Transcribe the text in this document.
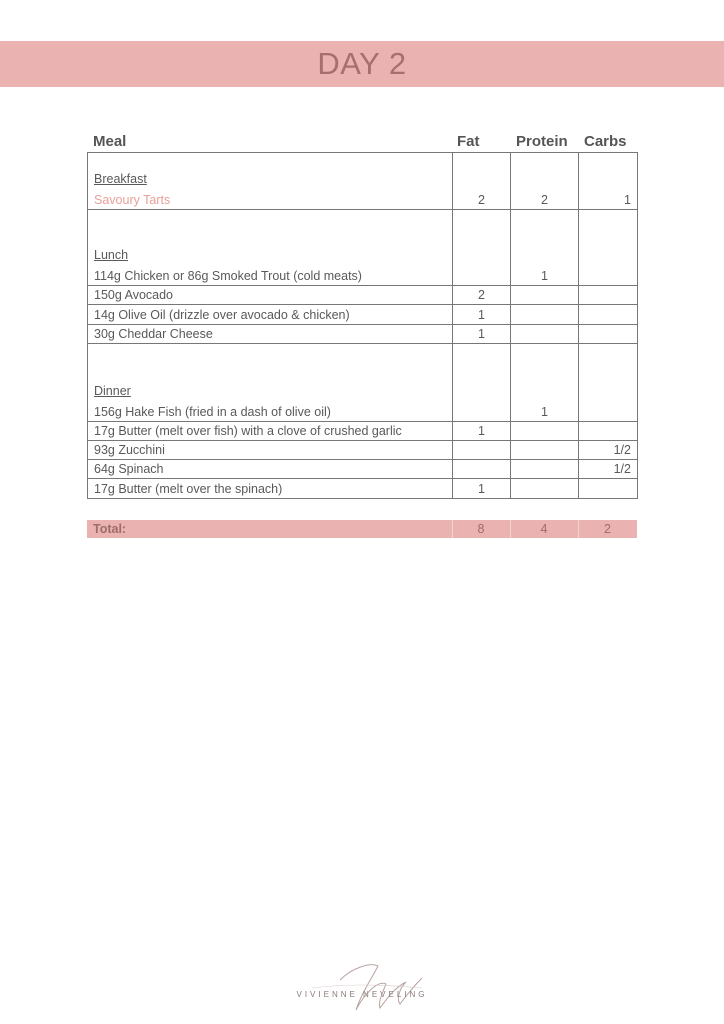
DAY 2
Meal	Fat Protein Carbs
Breakfast
Savoury Tarts	2	2	1

Lunch
114g Chicken or 86g Smoked Trout (cold meats)		1	
150g Avocado	2		
14g Olive Oil (drizzle over avocado & chicken)	1		
30g Cheddar Cheese	1		

Dinner
156g Hake Fish (fried in a dash of olive oil)		1	
17g Butter (melt over fish) with a clove of crushed garlic	1		
93g Zucchini			1/2
64g Spinach			1/2
17g Butter (melt over the spinach)	1		
Total:	8	4	2
VIVIENNE NEVELING
